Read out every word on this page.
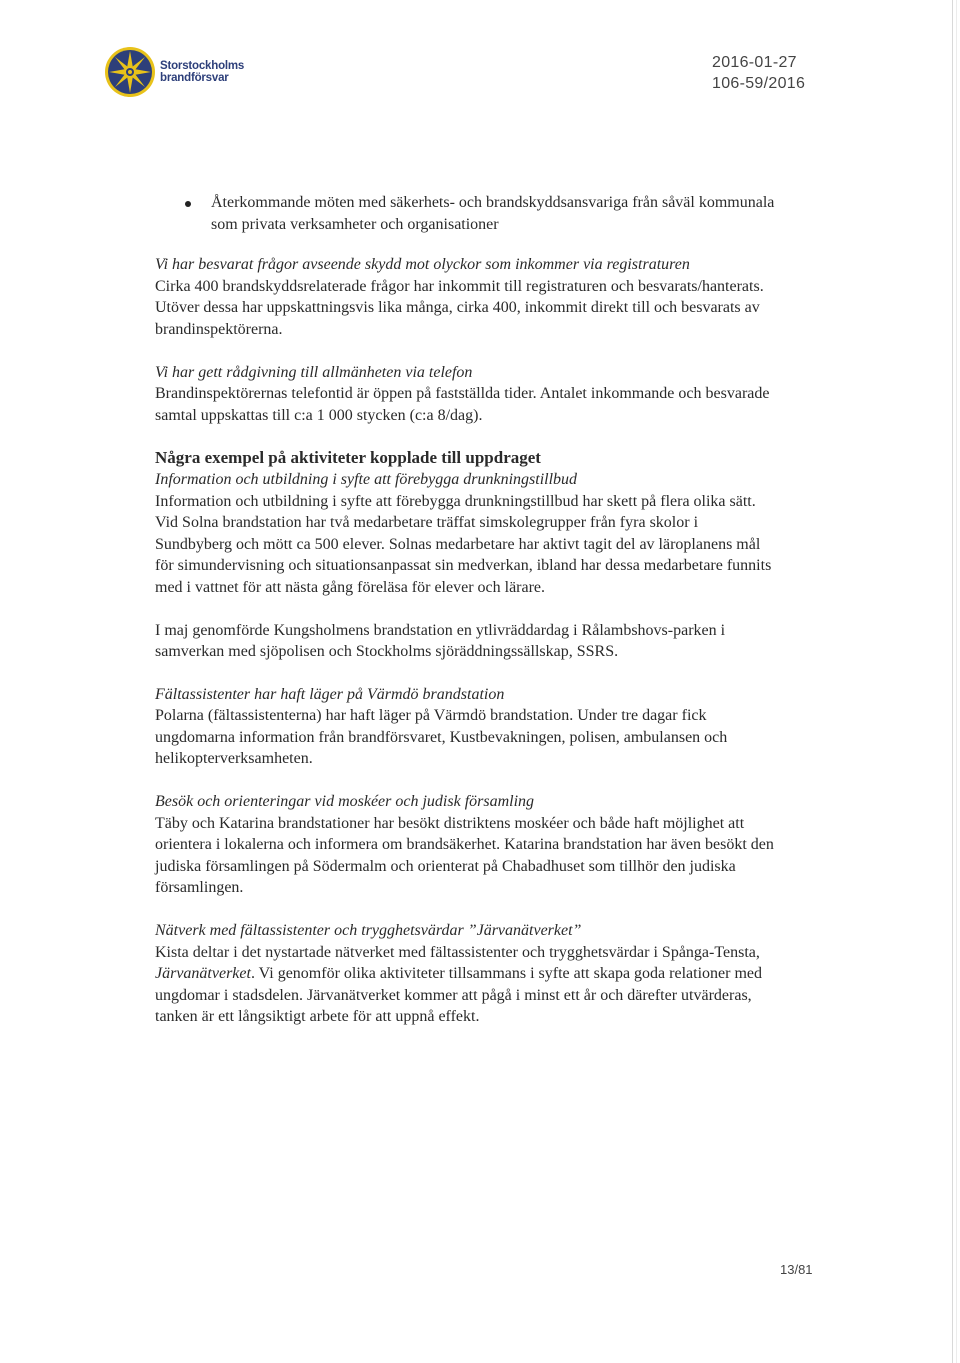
Storstockholms
brandförsvar
2016-01-27
106-59/2016
Återkommande möten med säkerhets- och brandskyddsansvariga från såväl kommunala som privata verksamheter och organisationer

Vi har besvarat frågor avseende skydd mot olyckor som inkommer via registraturen

Cirka 400 brandskyddsrelaterade frågor har inkommit till registraturen och besvarats/hanterats. Utöver dessa har uppskattningsvis lika många, cirka 400, inkommit direkt till och besvarats av brandinspektörerna.

Vi har gett rådgivning till allmänheten via telefon

Brandinspektörernas telefontid är öppen på fastställda tider. Antalet inkommande och besvarade samtal uppskattas till c:a 1 000 stycken (c:a 8/dag).

Några exempel på aktiviteter kopplade till uppdraget

Information och utbildning i syfte att förebygga drunkningstillbud

Information och utbildning i syfte att förebygga drunkningstillbud har skett på flera olika sätt. Vid Solna brandstation har två medarbetare träffat simskolegrupper från fyra skolor i Sundbyberg och mött ca 500 elever. Solnas medarbetare har aktivt tagit del av läroplanens mål för simundervisning och situationsanpassat sin medverkan, ibland har dessa medarbetare funnits med i vattnet för att nästa gång föreläsa för elever och lärare.

I maj genomförde Kungsholmens brandstation en ytlivräddardag i Rålambshovs-parken i samverkan med sjöpolisen och Stockholms sjöräddningssällskap, SSRS.

Fältassistenter har haft läger på Värmdö brandstation

Polarna (fältassistenterna) har haft läger på Värmdö brandstation. Under tre dagar fick ungdomarna information från brandförsvaret, Kustbevakningen, polisen, ambulansen och helikopterverksamheten.

Besök och orienteringar vid moskéer och judisk församling

Täby och Katarina brandstationer har besökt distriktens moskéer och både haft möjlighet att orientera i lokalerna och informera om brandsäkerhet. Katarina brandstation har även besökt den judiska församlingen på Södermalm och orienterat på Chabadhuset som tillhör den judiska församlingen.

Nätverk med fältassistenter och trygghetsvärdar ”Järvanätverket”

Kista deltar i det nystartade nätverket med fältassistenter och trygghetsvärdar i Spånga-Tensta, Järvanätverket. Vi genomför olika aktiviteter tillsammans i syfte att skapa goda relationer med ungdomar i stadsdelen. Järvanätverket kommer att pågå i minst ett år och därefter utvärderas, tanken är ett långsiktigt arbete för att uppnå effekt.

13/81
